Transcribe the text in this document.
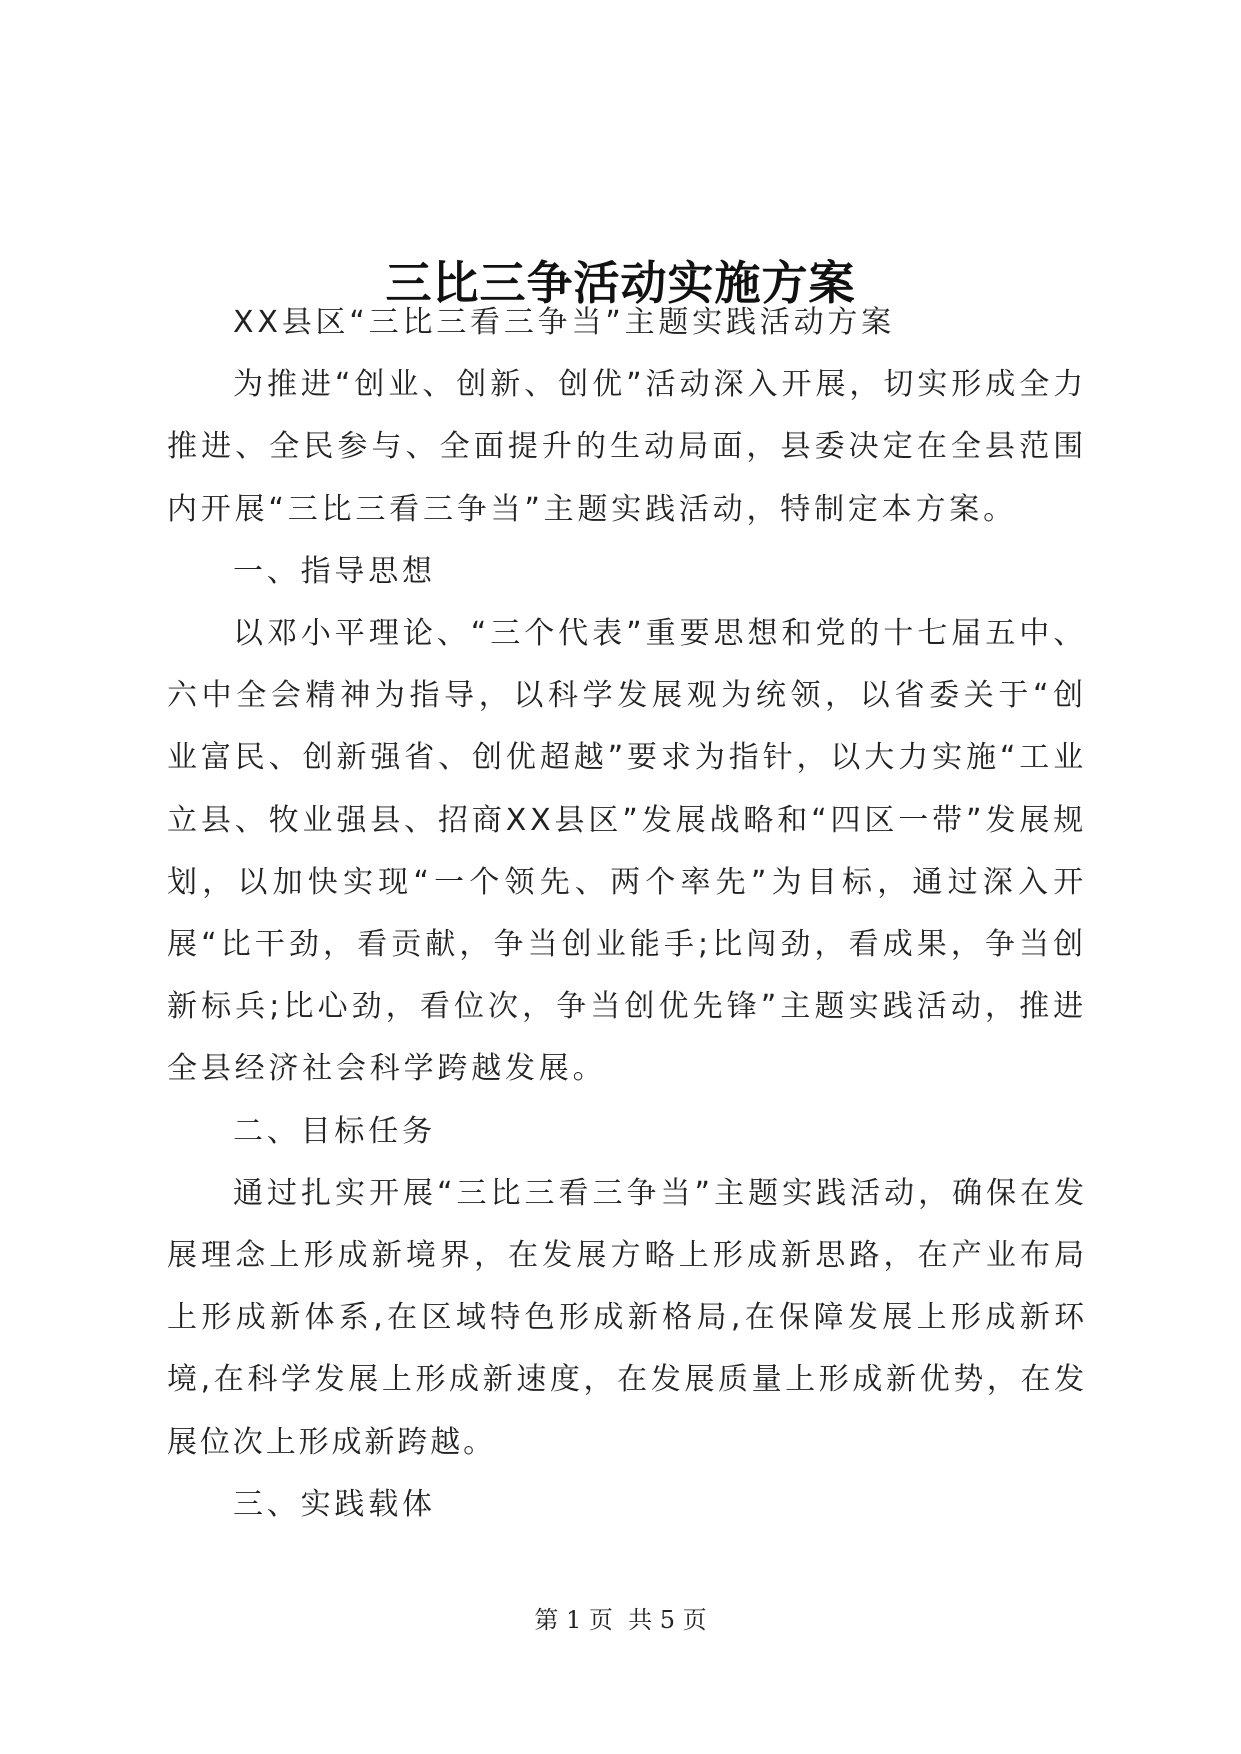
三比三争活动实施方案

XX县区“三比三看三争当”主题实践活动方案

为推进“创业、创新、创优”活动深入开展，切实形成全力推进、全民参与、全面提升的生动局面，县委决定在全县范围内开展“三比三看三争当”主题实践活动，特制定本方案。

一、指导思想

以邓小平理论、“三个代表”重要思想和党的十七届五中、六中全会精神为指导，以科学发展观为统领，以省委关于“创业富民、创新强省、创优超越”要求为指针，以大力实施“工业立县、牧业强县、招商XX县区”发展战略和“四区一带”发展规划，以加快实现“一个领先、两个率先”为目标，通过深入开展“比干劲，看贡献，争当创业能手;比闯劲，看成果，争当创新标兵;比心劲，看位次，争当创优先锋”主题实践活动，推进全县经济社会科学跨越发展。

二、目标任务

通过扎实开展“三比三看三争当”主题实践活动，确保在发展理念上形成新境界，在发展方略上形成新思路，在产业布局上形成新体系,在区域特色形成新格局,在保障发展上形成新环境,在科学发展上形成新速度，在发展质量上形成新优势，在发展位次上形成新跨越。

三、实践载体

第 1 页  共 5 页
